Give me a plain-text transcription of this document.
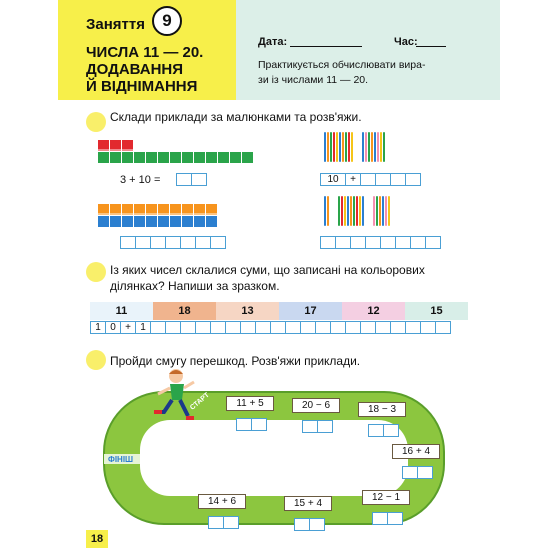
Заняття	9
ЧИСЛА 11 — 20.
ДОДАВАННЯ
Й ВІДНІМАННЯ
Дата:	Час:
Практикується обчислювати вира-
зи із числами 11 — 20.
Склади приклади за малюнками та розв'яжи.
3 + 10 =	10	+
Із яких чисел склалися суми, що записані на кольорових
ділянках? Напиши за зразком.
11	18	13	17	12	15
1 0 + 1
Пройди смугу перешкод. Розв'яжи приклади.
ФІНІШ
СТАРТ	11 + 5	20 − 6	18 − 3
16 + 4
12 − 1
15 + 4
14 + 6
18
